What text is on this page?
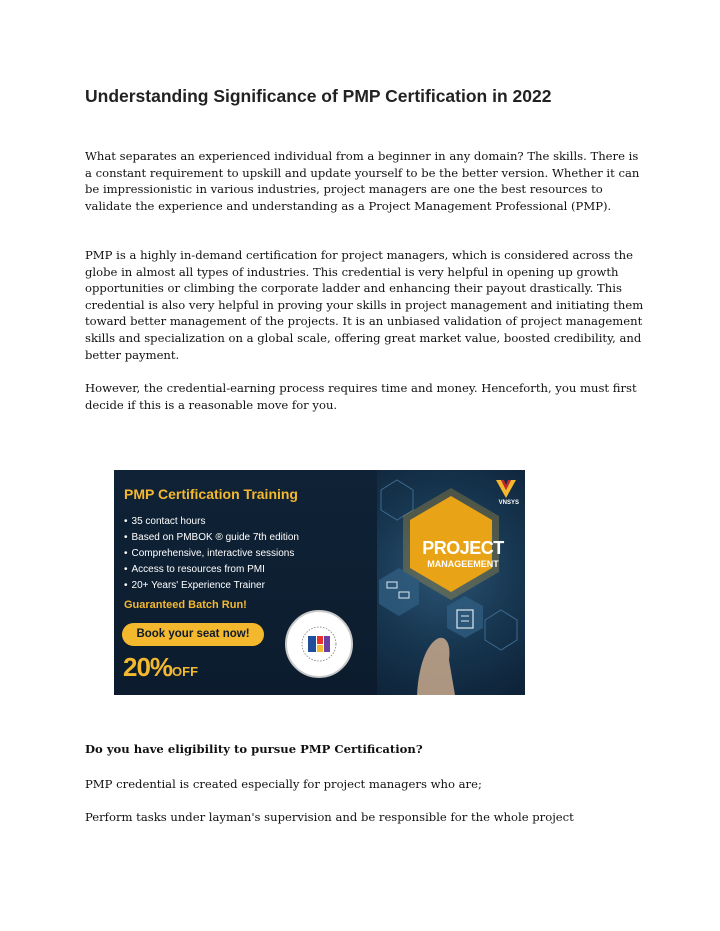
Understanding Significance of PMP Certification in 2022

What separates an experienced individual from a beginner in any domain? The skills. There is a constant requirement to upskill and update yourself to be the better version. Whether it can be impressionistic in various industries, project managers are one the best resources to validate the experience and understanding as a Project Management Professional (PMP).

PMP is a highly in-demand certification for project managers, which is considered across the globe in almost all types of industries. This credential is very helpful in opening up growth opportunities or climbing the corporate ladder and enhancing their payout drastically. This credential is also very helpful in proving your skills in project management and initiating them toward better management of the projects. It is an unbiased validation of project management skills and specialization on a global scale, offering great market value, boosted credibility, and better payment.

However, the credential-earning process requires time and money. Henceforth, you must first decide if this is a reasonable move for you.

PROJECT
MANAGEEMENT
VNSYS
PMP Certification Training
• 35 contact hours
• Based on PMBOK ® guide 7th edition
• Comprehensive, interactive sessions
• Access to resources from PMI
• 20+ Years' Experience Trainer
Guaranteed Batch Run!
Book your seat now!
20%OFF

Do you have eligibility to pursue PMP Certification?

PMP credential is created especially for project managers who are;

Perform tasks under layman's supervision and be responsible for the whole project
